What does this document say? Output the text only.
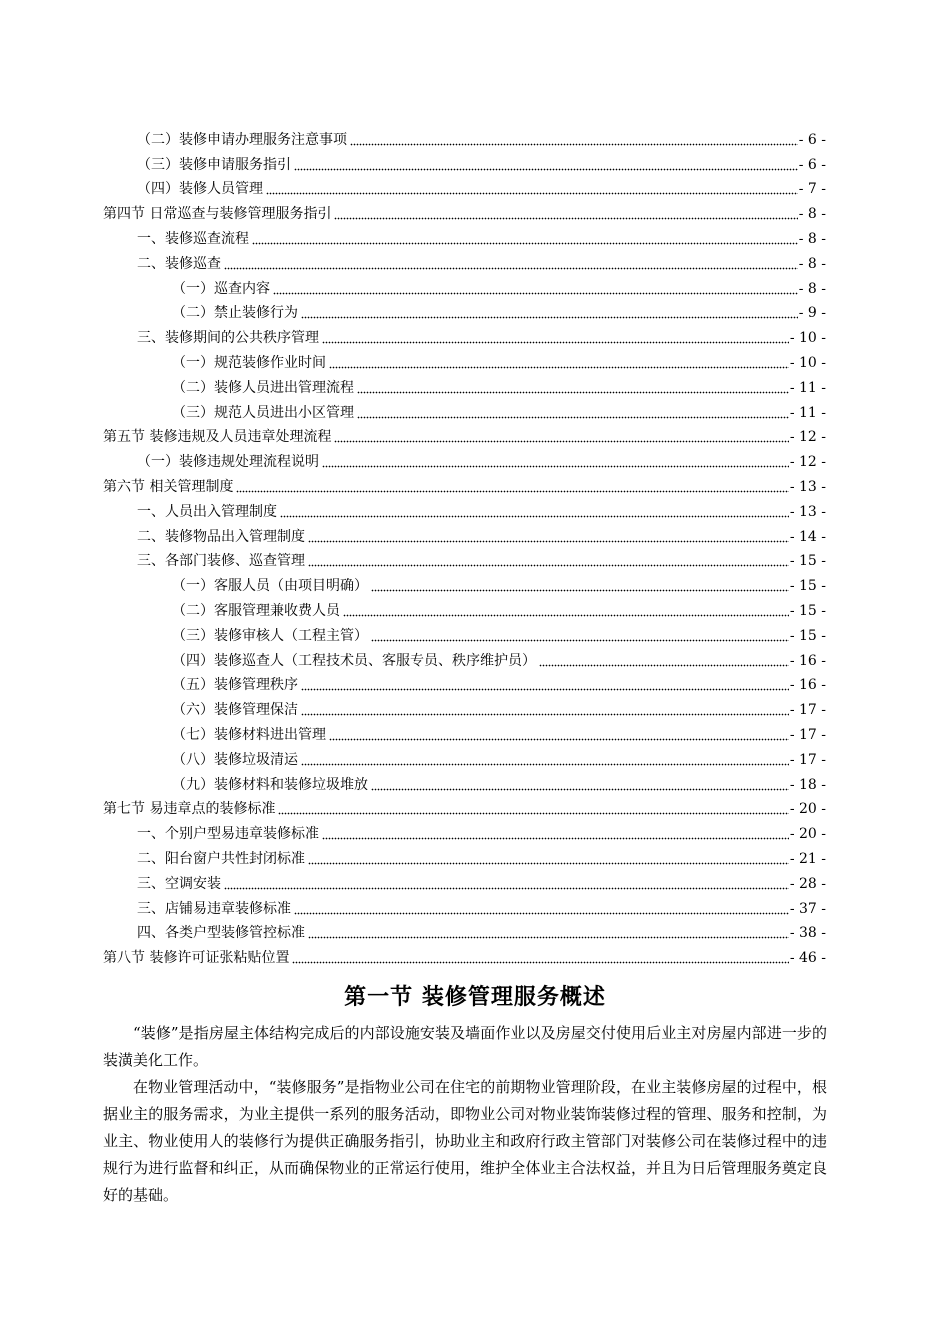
（二）装修申请办理服务注意事项	- 6 -
（三）装修申请服务指引	- 6 -
（四）装修人员管理	- 7 -
第四节 日常巡查与装修管理服务指引	- 8 -
一、装修巡查流程	- 8 -
二、装修巡查	- 8 -
（一）巡查内容	- 8 -
（二）禁止装修行为	- 9 -
三、装修期间的公共秩序管理	- 10 -
（一）规范装修作业时间	- 10 -
（二）装修人员进出管理流程	- 11 -
（三）规范人员进出小区管理	- 11 -
第五节 装修违规及人员违章处理流程	- 12 -
（一）装修违规处理流程说明	- 12 -
第六节 相关管理制度	- 13 -
一、人员出入管理制度	- 13 -
二、装修物品出入管理制度	- 14 -
三、各部门装修、巡查管理	- 15 -
（一）客服人员（由项目明确）	- 15 -
（二）客服管理兼收费人员	- 15 -
（三）装修审核人（工程主管）	- 15 -
（四）装修巡查人（工程技术员、客服专员、秩序维护员）	- 16 -
（五）装修管理秩序	- 16 -
（六）装修管理保洁	- 17 -
（七）装修材料进出管理	- 17 -
（八）装修垃圾清运	- 17 -
（九）装修材料和装修垃圾堆放	- 18 -
第七节 易违章点的装修标准	- 20 -
一、个别户型易违章装修标准	- 20 -
二、阳台窗户共性封闭标准	- 21 -
三、空调安装	- 28 -
三、店铺易违章装修标准	- 37 -
四、各类户型装修管控标准	- 38 -
第八节 装修许可证张粘贴位置	- 46 -
第一节 装修管理服务概述

“装修”是指房屋主体结构完成后的内部设施安装及墙面作业以及房屋交付使用后业主对房屋内部进一步的装潢美化工作。

在物业管理活动中，“装修服务”是指物业公司在住宅的前期物业管理阶段，在业主装修房屋的过程中，根据业主的服务需求，为业主提供一系列的服务活动，即物业公司对物业装饰装修过程的管理、服务和控制，为业主、物业使用人的装修行为提供正确服务指引，协助业主和政府行政主管部门对装修公司在装修过程中的违规行为进行监督和纠正，从而确保物业的正常运行使用，维护全体业主合法权益，并且为日后管理服务奠定良好的基础。
